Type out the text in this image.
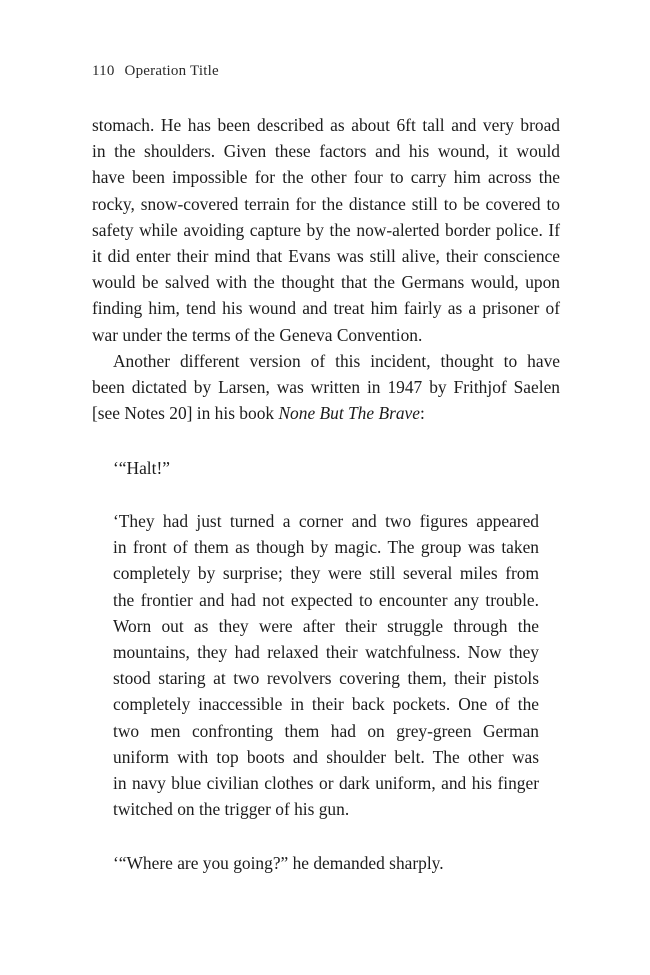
110 Operation Title
stomach. He has been described as about 6ft tall and very broad
in the shoulders. Given these factors and his wound, it would
have been impossible for the other four to carry him across the
rocky, snow-covered terrain for the distance still to be covered to
safety while avoiding capture by the now-alerted border police. If
it did enter their mind that Evans was still alive, their conscience
would be salved with the thought that the Germans would, upon
finding him, tend his wound and treat him fairly as a prisoner of
war under the terms of the Geneva Convention.
Another different version of this incident, thought to have
been dictated by Larsen, was written in 1947 by Frithjof Saelen
[see Notes 20] in his book None But The Brave:
‘“Halt!”
‘They had just turned a corner and two figures appeared
in front of them as though by magic. The group was taken
completely by surprise; they were still several miles from
the frontier and had not expected to encounter any trouble.
Worn out as they were after their struggle through the
mountains, they had relaxed their watchfulness. Now they
stood staring at two revolvers covering them, their pistols
completely inaccessible in their back pockets. One of the
two men confronting them had on grey-green German
uniform with top boots and shoulder belt. The other was
in navy blue civilian clothes or dark uniform, and his finger
twitched on the trigger of his gun.
‘“Where are you going?” he demanded sharply.
